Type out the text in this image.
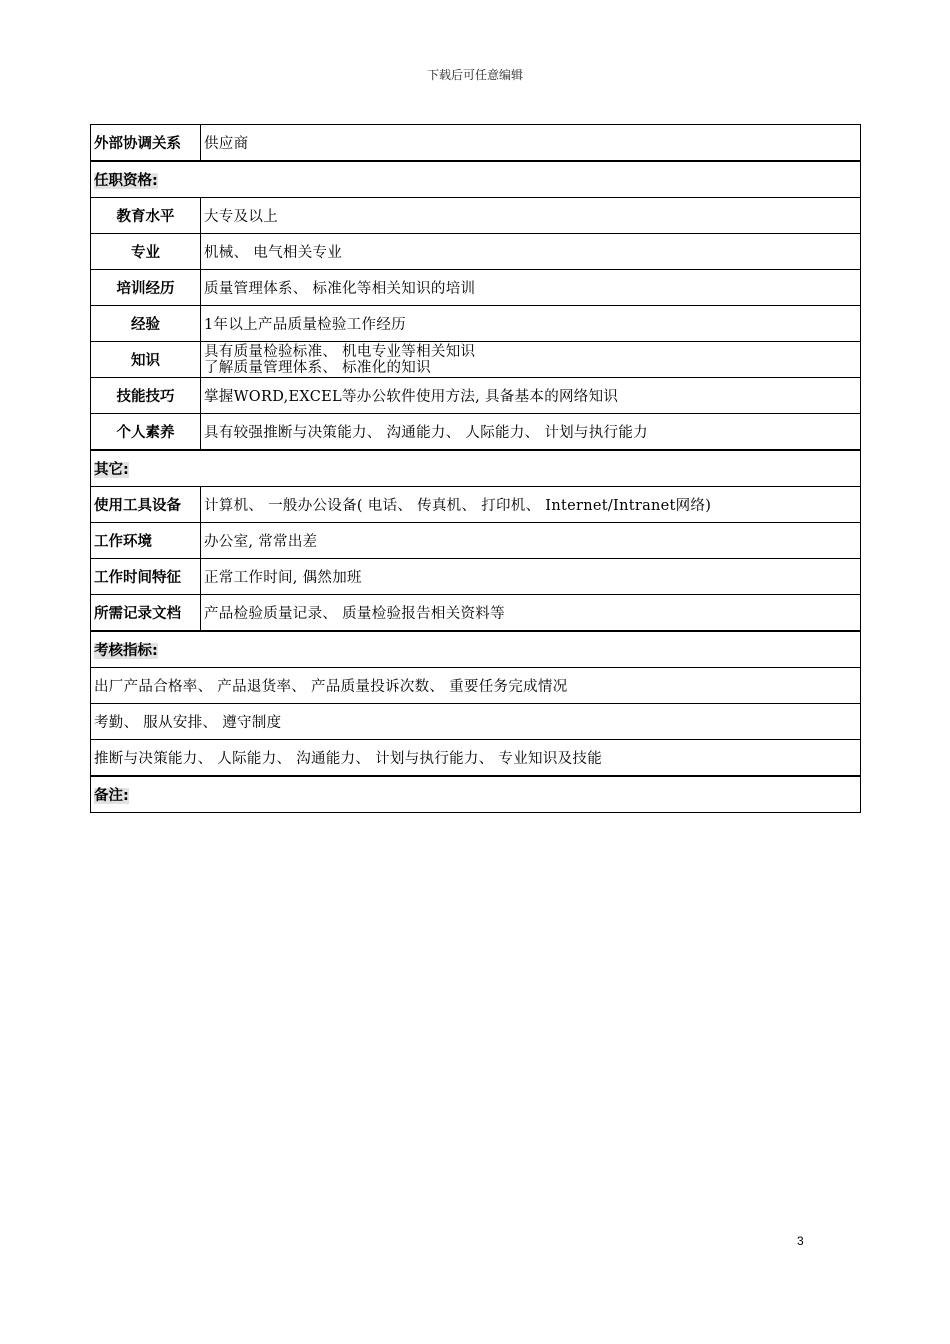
下载后可任意编辑
外部协调关系	供应商
任职资格:	
教育水平	大专及以上
专业	机械、 电气相关专业
培训经历	质量管理体系、 标准化等相关知识的培训
经验	1年以上产品质量检验工作经历
知识	具有质量检验标准、 机电专业等相关知识
了解质量管理体系、 标准化的知识

技能技巧	掌握WORD,EXCEL等办公软件使用方法, 具备基本的网络知识
个人素养	具有较强推断与决策能力、 沟通能力、 人际能力、 计划与执行能力
其它:	
使用工具设备	计算机、 一般办公设备( 电话、 传真机、 打印机、 Internet/Intranet网络)
工作环境	办公室, 常常出差
工作时间特征	正常工作时间, 偶然加班
所需记录文档	产品检验质量记录、 质量检验报告相关资料等
考核指标:	
出厂产品合格率、 产品退货率、 产品质量投诉次数、 重要任务完成情况	
考勤、 服从安排、 遵守制度	
推断与决策能力、 人际能力、 沟通能力、 计划与执行能力、 专业知识及技能	
备注:	
3
